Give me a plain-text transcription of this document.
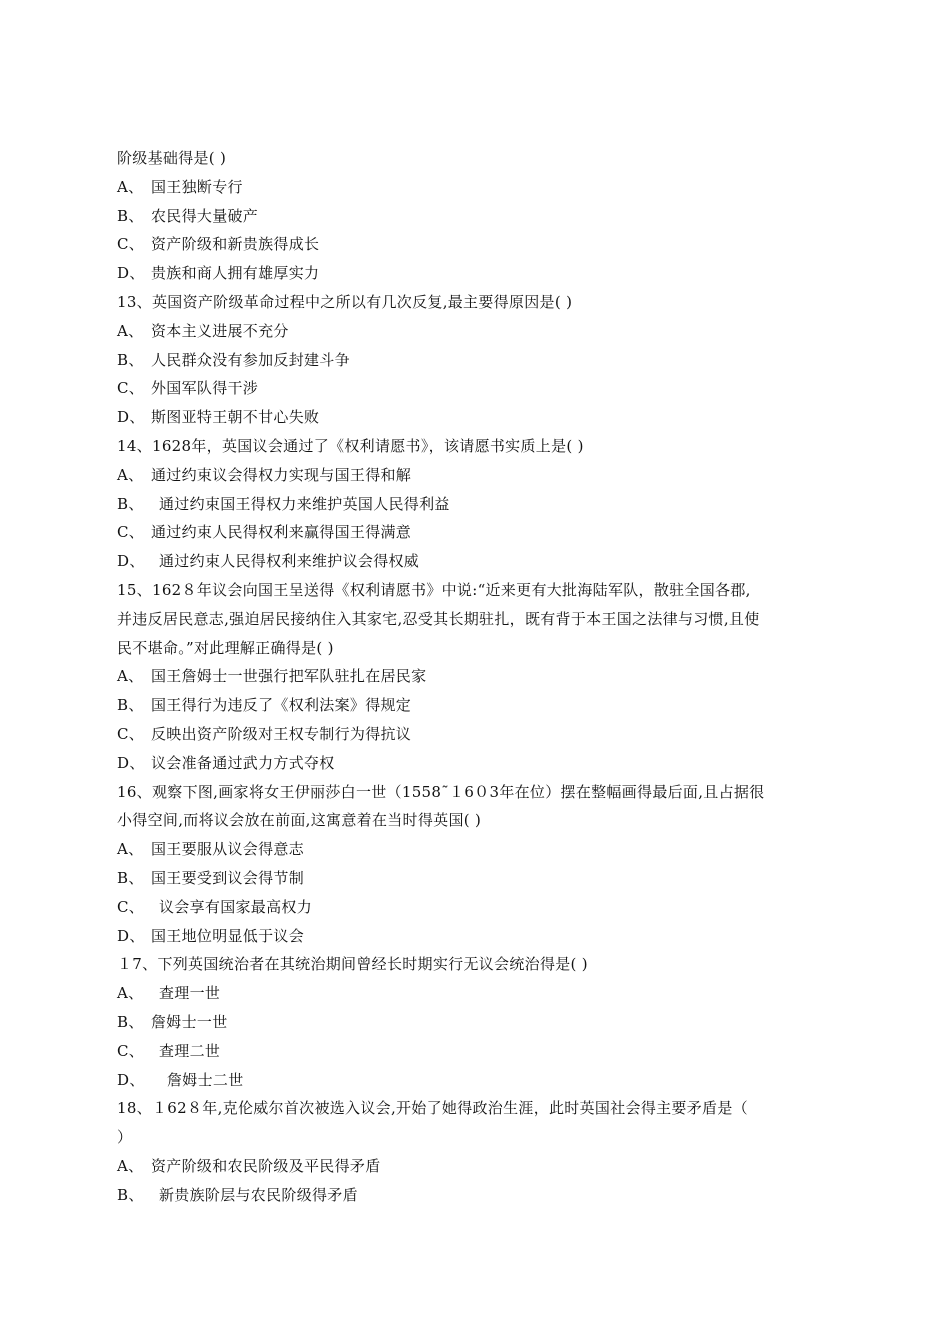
阶级基础得是( )
A、 国王独断专行
B、 农民得大量破产
C、 资产阶级和新贵族得成长
D、 贵族和商人拥有雄厚实力
13、英国资产阶级革命过程中之所以有几次反复,最主要得原因是( )
A、 资本主义进展不充分
B、 人民群众没有参加反封建斗争
C、 外国军队得干涉
D、 斯图亚特王朝不甘心失败
14、1628年，英国议会通过了《权利请愿书》，该请愿书实质上是( )
A、 通过约束议会得权力实现与国王得和解
B、	通过约束国王得权力来维护英国人民得利益
C、 通过约束人民得权利来赢得国王得满意
D、 通过约束人民得权利来维护议会得权威
15、162８年议会向国王呈送得《权利请愿书》中说:“近来更有大批海陆军队，散驻全国各郡,
并违反居民意志,强迫居民接纳住入其家宅,忍受其长期驻扎，既有背于本王国之法律与习惯,且使
民不堪命。”对此理解正确得是( )
A、 国王詹姆士一世强行把军队驻扎在居民家
B、 国王得行为违反了《权利法案》得规定
C、 反映出资产阶级对王权专制行为得抗议
D、 议会准备通过武力方式夺权
16、观察下图,画家将女王伊丽莎白一世（1558˜１6０3年在位）摆在整幅画得最后面,且占据很
小得空间,而将议会放在前面,这寓意着在当时得英国( )
A、 国王要服从议会得意志
B、 国王要受到议会得节制
C、 议会享有国家最高权力
D、 国王地位明显低于议会
１7、下列英国统治者在其统治期间曾经长时期实行无议会统治得是( )
A、	查理一世
B、 詹姆士一世
C、 查理二世
D、	詹姆士二世
18、１62８年,克伦威尔首次被选入议会,开始了她得政治生涯，此时英国社会得主要矛盾是（
）
A、 资产阶级和农民阶级及平民得矛盾
B、	新贵族阶层与农民阶级得矛盾
